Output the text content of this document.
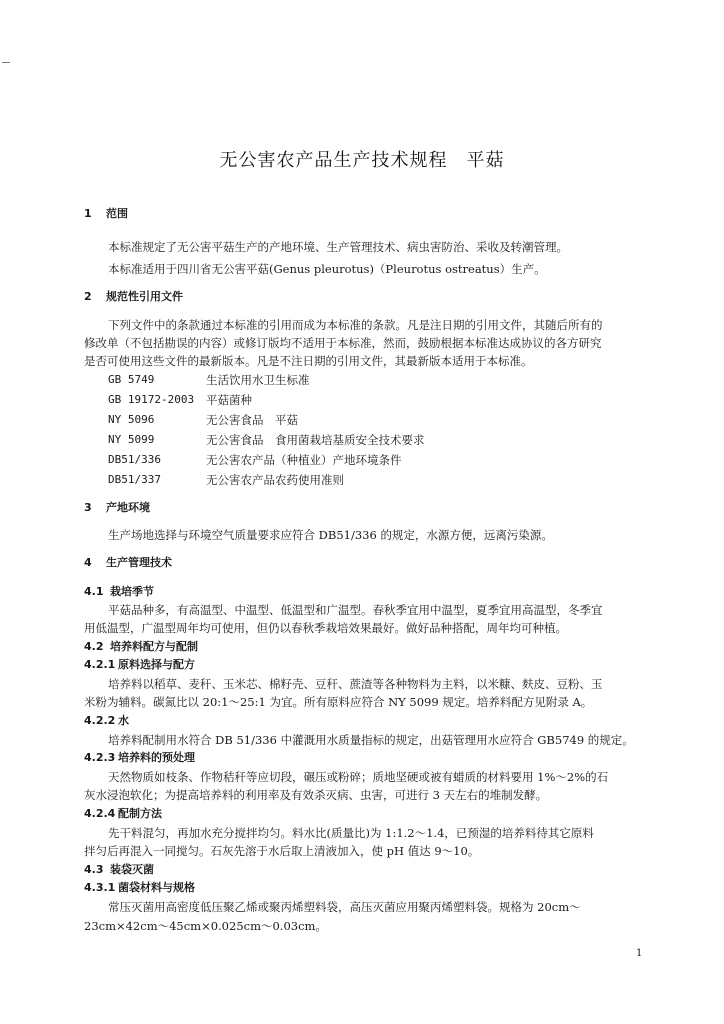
无公害农产品生产技术规程　平菇
1 范围
本标准规定了无公害平菇生产的产地环境、生产管理技术、病虫害防治、采收及转潮管理。
本标准适用于四川省无公害平菇(Genus pleurotus)（Pleurotus ostreatus）生产。
2 规范性引用文件
下列文件中的条款通过本标准的引用而成为本标准的条款。凡是注日期的引用文件，其随后所有的
修改单（不包括勘误的内容）或修订版均不适用于本标准，然而，鼓励根据本标准达成协议的各方研究
是否可使用这些文件的最新版本。凡是不注日期的引用文件，其最新版本适用于本标准。
GB 5749	生活饮用水卫生标准
GB 19172-2003 平菇菌种
NY 5096	无公害食品　平菇
NY 5099	无公害食品　食用菌栽培基质安全技术要求
DB51/336	无公害农产品（种植业）产地环境条件
DB51/337	无公害农产品农药使用准则
3 产地环境
生产场地选择与环境空气质量要求应符合 DB51/336 的规定，水源方便，远离污染源。
4 生产管理技术
4.1 栽培季节
平菇品种多，有高温型、中温型、低温型和广温型。春秋季宜用中温型，夏季宜用高温型，冬季宜
用低温型，广温型周年均可使用，但仍以春秋季栽培效果最好。做好品种搭配，周年均可种植。
4.2 培养料配方与配制
4.2.1 原料选择与配方
培养料以稻草、麦秆、玉米芯、棉籽壳、豆秆、蔗渣等各种物料为主料，以米糠、麸皮、豆粉、玉
米粉为辅料。碳氮比以 20:1～25:1 为宜。所有原料应符合 NY 5099 规定。培养料配方见附录 A。
4.2.2 水
培养料配制用水符合 DB 51/336 中灌溉用水质量指标的规定，出菇管理用水应符合 GB5749 的规定。
4.2.3 培养料的预处理
天然物质如枝条、作物秸秆等应切段，碾压或粉碎；质地坚硬或被有蜡质的材料要用 1%～2%的石
灰水浸泡软化；为提高培养料的利用率及有效杀灭病、虫害，可进行 3 天左右的堆制发酵。
4.2.4 配制方法
先干料混匀，再加水充分搅拌均匀。料水比(质量比)为 1:1.2～1.4，已预湿的培养料待其它原料
拌匀后再混入一同搅匀。石灰先溶于水后取上清液加入，使 pH 值达 9～10。
4.3 装袋灭菌
4.3.1 菌袋材料与规格
常压灭菌用高密度低压聚乙烯或聚丙烯塑料袋，高压灭菌应用聚丙烯塑料袋。规格为 20cm～
23cm×42cm～45cm×0.025cm～0.03cm。
1
